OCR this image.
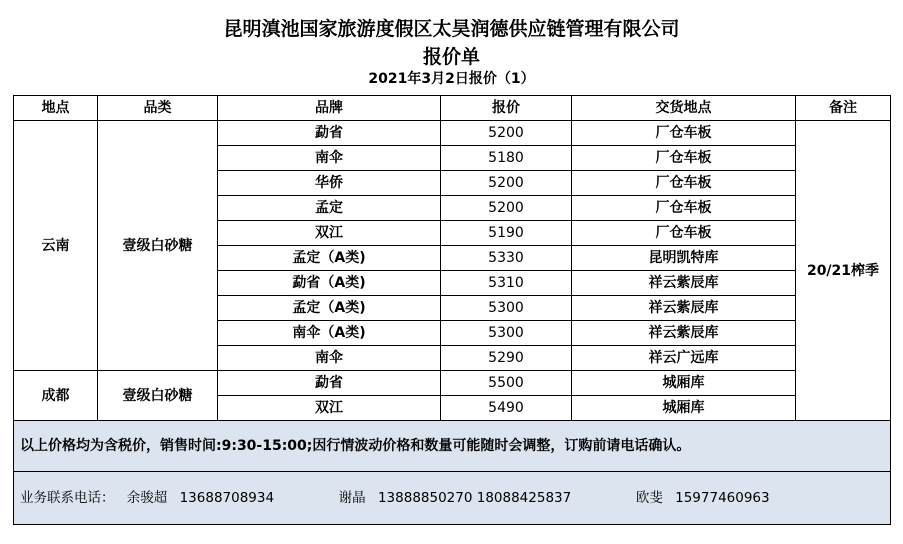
昆明滇池国家旅游度假区太昊润德供应链管理有限公司
报价单
2021年3月2日报价（1）
地点	品类	品牌	报价	交货地点	备注
云南	壹级白砂糖	勐省	5200	厂仓车板	20/21榨季
		南伞	5180	厂仓车板	
		华侨	5200	厂仓车板	
		孟定	5200	厂仓车板	
		双江	5190	厂仓车板	
		孟定（A类)	5330	昆明凯特库	
		勐省（A类)	5310	祥云紫辰库	
		孟定（A类)	5300	祥云紫辰库	
		南伞（A类)	5300	祥云紫辰库	
		南伞	5290	祥云广远库	
成都	壹级白砂糖	勐省	5500	城厢库	
		双江	5490	城厢库	
以上价格均为含税价，销售时间:9:30-15:00;因行情波动价格和数量可能随时会调整，订购前请电话确认。					
业务联系电话： 余骏超 13688708934 谢晶 13888850270 18088425837 欧斐 15977460963					
